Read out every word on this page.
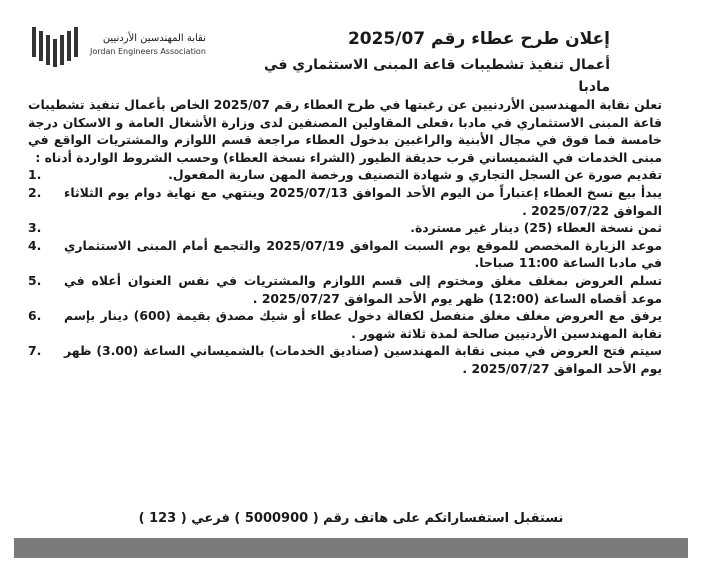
نقابة المهندسين الأردنيين
Jordan Engineers Association
إعلان طرح عطاء رقم 2025/07
أعمال تنفيذ تشطيبات قاعة المبنى الاستثماري في مادبا

تعلن نقابة المهندسين الأردنيين عن رغبتها في طرح العطاء رقم 2025/07 الخاص بأعمال تنفيذ تشطيبات قاعة المبنى الاستثماري في مادبا ،فعلى المقاولين المصنفين لدى وزارة الأشغال العامة و الاسكان درجة خامسة فما فوق في مجال الأبنية والراغبين بدخول العطاء مراجعة قسم اللوازم والمشتريات الواقع في مبنى الخدمات في الشميساني قرب حديقة الطيور (الشراء نسخة العطاء) وحسب الشروط الواردة أدناه :

تقديم صورة عن السجل التجاري و شهادة التصنيف ورخصة المهن سارية المفعول.
1.
يبدأ بيع نسخ العطاء إعتباراً من اليوم الأحد الموافق 2025/07/13 وينتهي مع نهاية دوام يوم الثلاثاء الموافق 2025/07/22 .
2.
ثمن نسخة العطاء (25) دينار غير مستردة.
3.
موعد الزيارة المخصص للموقع يوم السبت الموافق 2025/07/19 والتجمع أمام المبنى الاستثماري في مادبا الساعة 11:00 صباحا.
4.
تسلم العروض بمغلف مغلق ومختوم إلى قسم اللوازم والمشتريات في نفس العنوان أعلاه في موعد أقصاه الساعة (12:00) ظهر يوم الأحد الموافق 2025/07/27 .
5.
يرفق مع العروض مغلف مغلق منفصل لكفالة دخول عطاء أو شيك مصدق بقيمة (600) دينار بإسم نقابة المهندسين الأردنيين صالحة لمدة ثلاثة شهور .
6.
سيتم فتح العروض في مبنى نقابة المهندسين (صناديق الخدمات) بالشميساني الساعة (3.00) ظهر يوم الأحد الموافق 2025/07/27 .
7.
نستقبل استفساراتكم على هاتف رقم ( 5000900 ) فرعي ( 123 )
